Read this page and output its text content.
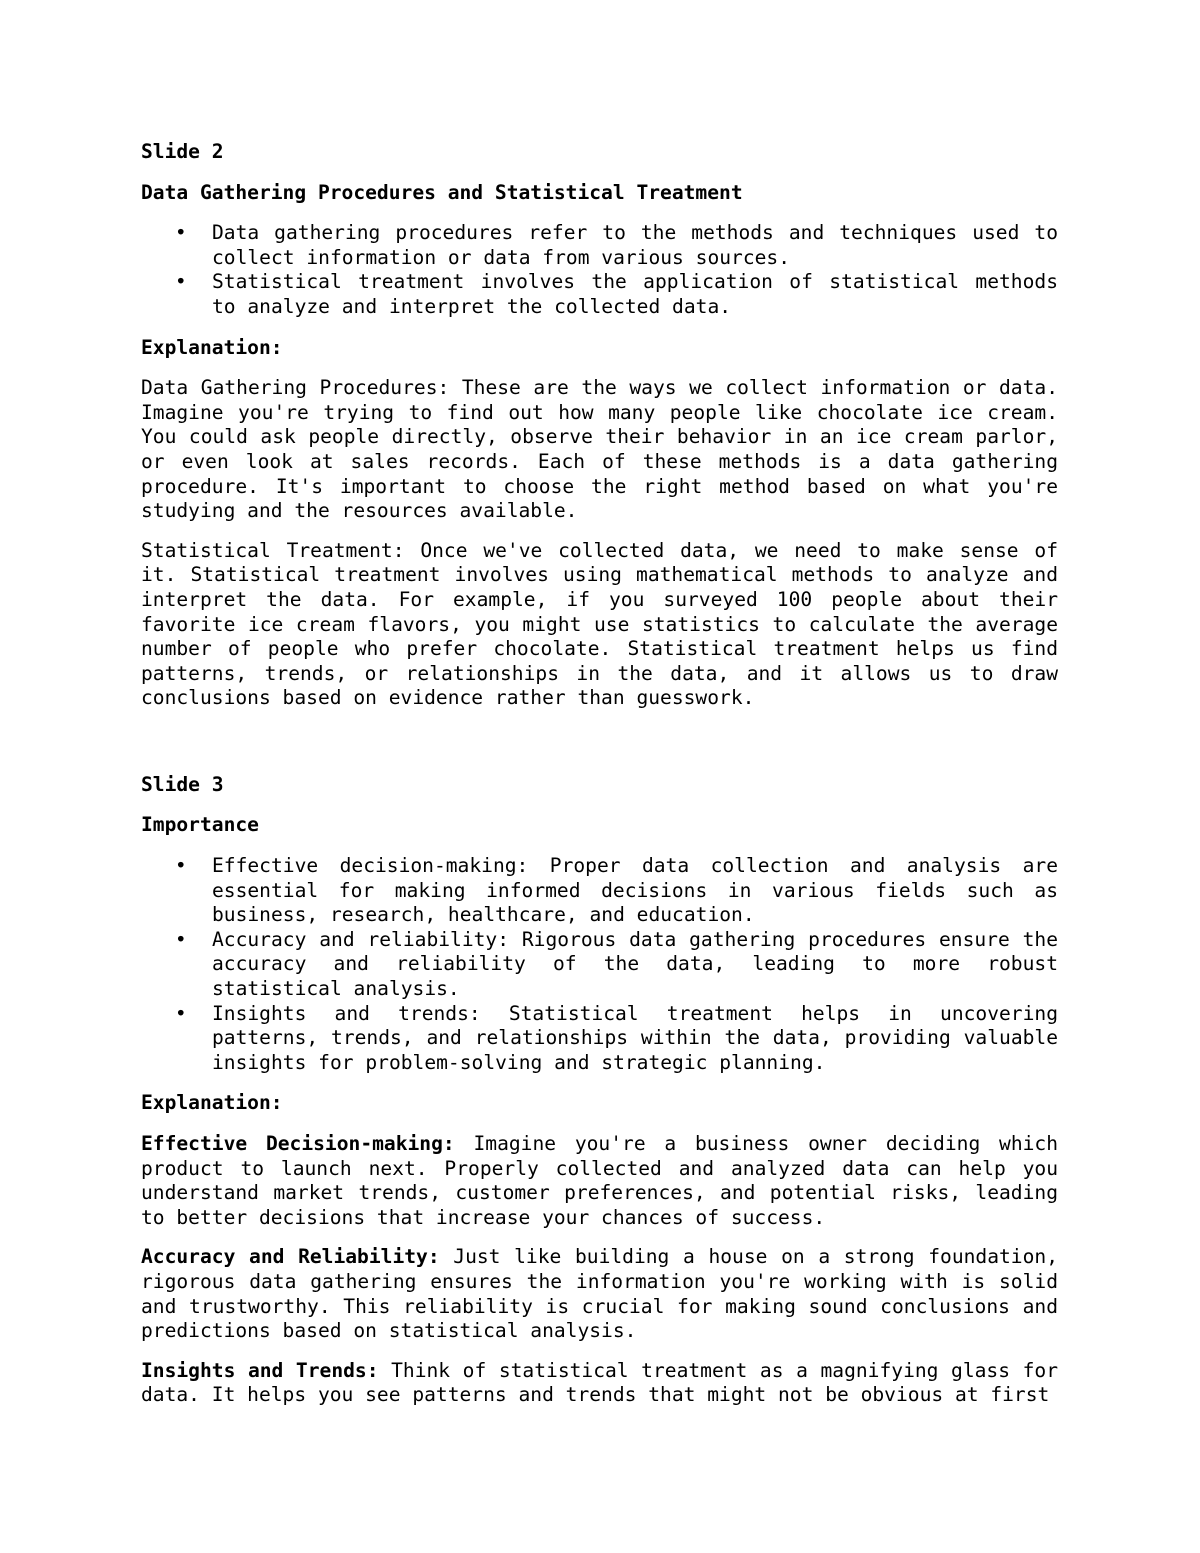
Slide 2
Data Gathering Procedures and Statistical Treatment
• Data gathering procedures refer to the methods and techniques used to collect information or data from various sources.
• Statistical treatment involves the application of statistical methods to analyze and interpret the collected data.
Explanation:

Data Gathering Procedures: These are the ways we collect information or data. Imagine you're trying to find out how many people like chocolate ice cream. You could ask people directly, observe their behavior in an ice cream parlor, or even look at sales records. Each of these methods is a data gathering procedure. It's important to choose the right method based on what you're studying and the resources available.

Statistical Treatment: Once we've collected data, we need to make sense of it. Statistical treatment involves using mathematical methods to analyze and interpret the data. For example, if you surveyed 100 people about their favorite ice cream flavors, you might use statistics to calculate the average number of people who prefer chocolate. Statistical treatment helps us find patterns, trends, or relationships in the data, and it allows us to draw conclusions based on evidence rather than guesswork.

Slide 3
Importance
• Effective decision-making: Proper data collection and analysis are essential for making informed decisions in various fields such as business, research, healthcare, and education.
• Accuracy and reliability: Rigorous data gathering procedures ensure the accuracy and reliability of the data, leading to more robust statistical analysis.
• Insights and trends: Statistical treatment helps in uncovering patterns, trends, and relationships within the data, providing valuable insights for problem-solving and strategic planning.
Explanation:

Effective Decision-making: Imagine you're a business owner deciding which product to launch next. Properly collected and analyzed data can help you understand market trends, customer preferences, and potential risks, leading to better decisions that increase your chances of success.

Accuracy and Reliability: Just like building a house on a strong foundation, rigorous data gathering ensures the information you're working with is solid and trustworthy. This reliability is crucial for making sound conclusions and predictions based on statistical analysis.

Insights and Trends: Think of statistical treatment as a magnifying glass for data. It helps you see patterns and trends that might not be obvious at first
